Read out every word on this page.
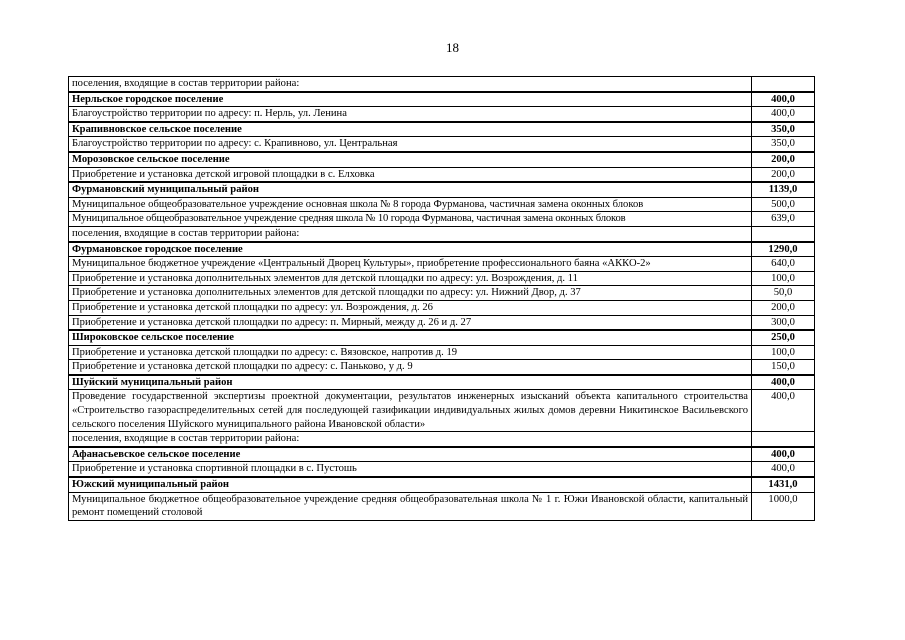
18
поселения, входящие в состав территории района:	
Нерльское городское поселение	400,0
Благоустройство территории по адресу: п. Нерль, ул. Ленина	400,0
Крапивновское сельское поселение	350,0
Благоустройство территории по адресу: с. Крапивново, ул. Центральная	350,0
Морозовское сельское поселение	200,0
Приобретение и установка детской игровой площадки в с. Елховка	200,0
Фурмановский муниципальный район	1139,0
Муниципальное общеобразовательное учреждение основная школа № 8 города Фурманова, частичная замена оконных блоков	500,0
Муниципальное общеобразовательное учреждение средняя школа № 10 города Фурманова, частичная замена оконных блоков	639,0
поселения, входящие в состав территории района:	
Фурмановское городское поселение	1290,0
Муниципальное бюджетное учреждение «Центральный Дворец Культуры», приобретение профессионального баяна «АККО-2»	640,0
Приобретение и установка дополнительных элементов для детской площадки по адресу: ул. Возрождения, д. 11	100,0
Приобретение и установка дополнительных элементов для детской площадки по адресу: ул. Нижний Двор, д. 37	50,0
Приобретение и установка детской площадки по адресу: ул. Возрождения, д. 26	200,0
Приобретение и установка детской площадки по адресу: п. Мирный, между д. 26 и д. 27	300,0
Широковское сельское поселение	250,0
Приобретение и установка детской площадки по адресу: с. Вязовское, напротив д. 19	100,0
Приобретение и установка детской площадки по адресу: с. Паньково, у д. 9	150,0
Шуйский муниципальный район	400,0
Проведение государственной экспертизы проектной документации, результатов инженерных изысканий объекта капитального строительства «Строительство газораспределительных сетей для последующей газификации индивидуальных жилых домов деревни Никитинское Васильевского сельского поселения Шуйского муниципального района Ивановской области»	400,0
поселения, входящие в состав территории района:	
Афанасьевское сельское поселение	400,0
Приобретение и установка спортивной площадки в с. Пустошь	400,0
Южский муниципальный район	1431,0
Муниципальное бюджетное общеобразовательное учреждение средняя общеобразовательная школа № 1 г. Южи Ивановской области, капитальный ремонт помещений столовой	1000,0
